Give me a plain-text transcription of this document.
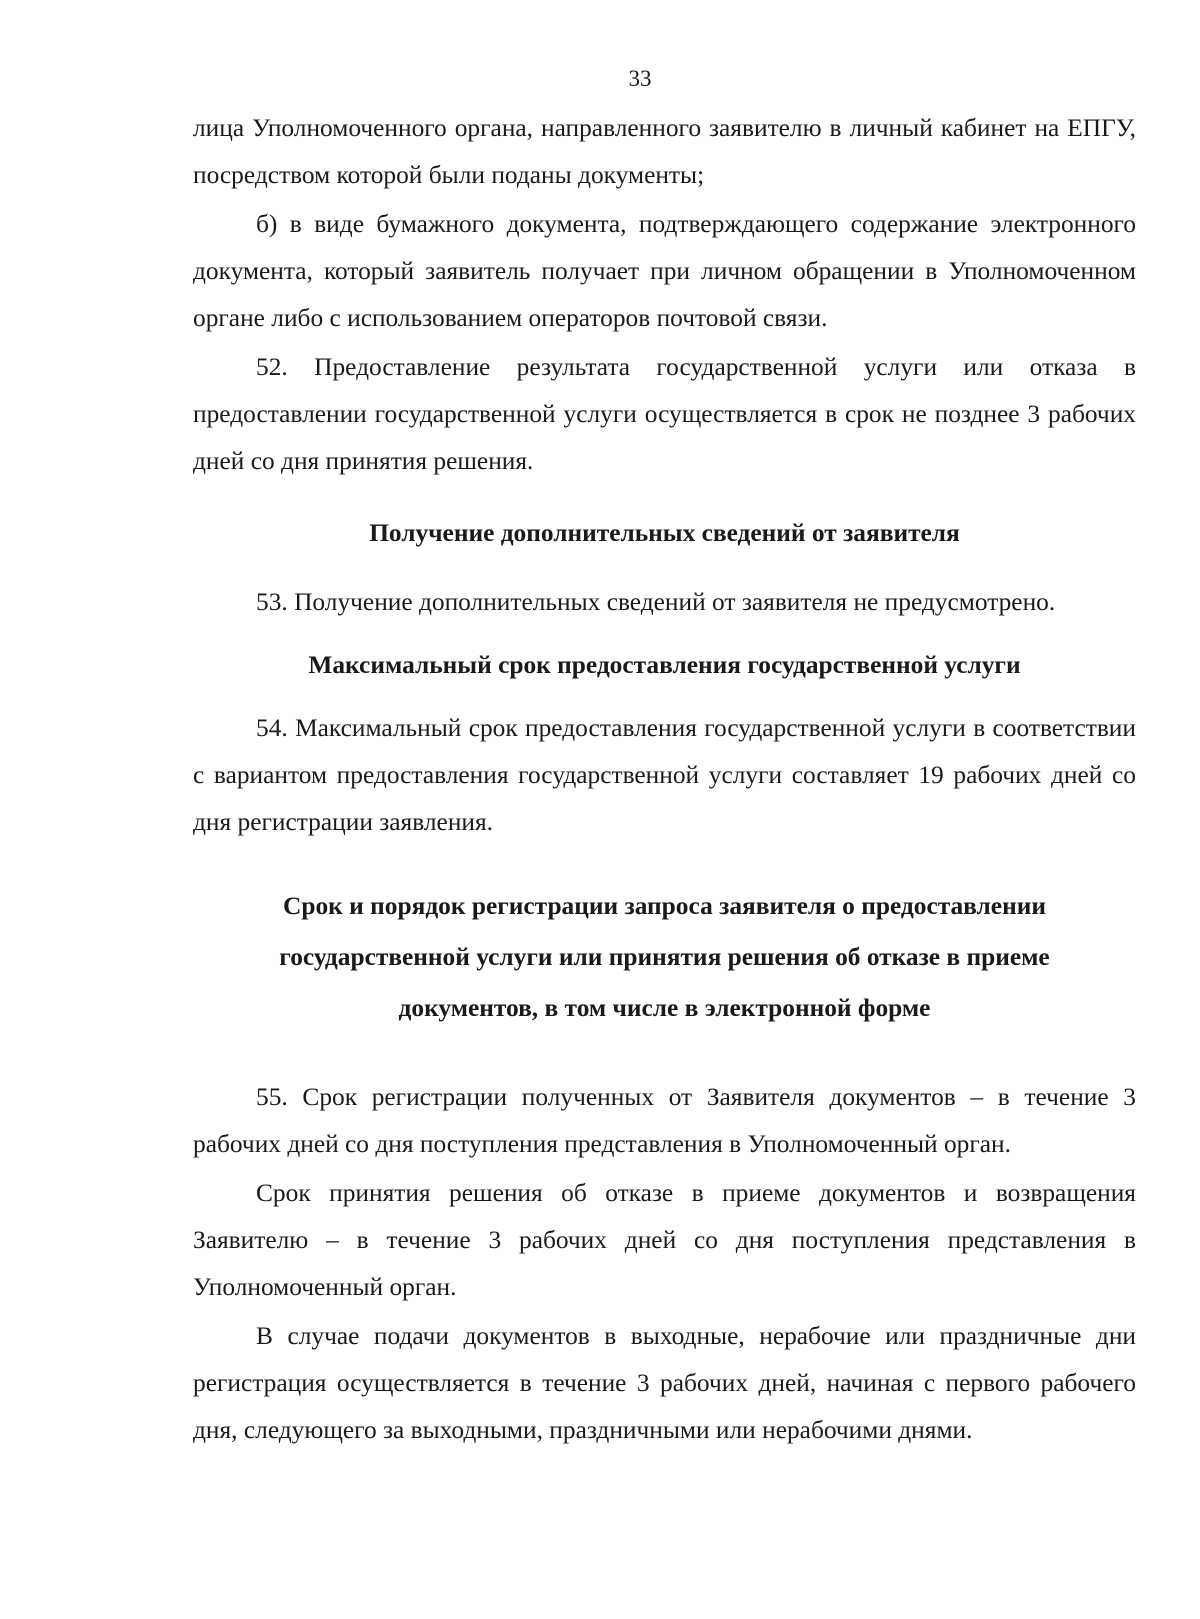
33

лица Уполномоченного органа, направленного заявителю в личный кабинет на ЕПГУ, посредством которой были поданы документы;

б) в виде бумажного документа, подтверждающего содержание электронного документа, который заявитель получает при личном обращении в Уполномоченном органе либо с использованием операторов почтовой связи.

52. Предоставление результата государственной услуги или отказа в предоставлении государственной услуги осуществляется в срок не позднее 3 рабочих дней со дня принятия решения.

Получение дополнительных сведений от заявителя

53. Получение дополнительных сведений от заявителя не предусмотрено.

Максимальный срок предоставления государственной услуги

54. Максимальный срок предоставления государственной услуги в соответствии с вариантом предоставления государственной услуги составляет 19 рабочих дней со дня регистрации заявления.

Срок и порядок регистрации запроса заявителя о предоставлении
государственной услуги или принятия решения об отказе в приеме
документов, в том числе в электронной форме

55. Срок регистрации полученных от Заявителя документов – в течение 3 рабочих дней со дня поступления представления в Уполномоченный орган.

Срок принятия решения об отказе в приеме документов и возвращения Заявителю – в течение 3 рабочих дней со дня поступления представления в Уполномоченный орган.

В случае подачи документов в выходные, нерабочие или праздничные дни регистрация осуществляется в течение 3 рабочих дней, начиная с первого рабочего дня, следующего за выходными, праздничными или нерабочими днями.
